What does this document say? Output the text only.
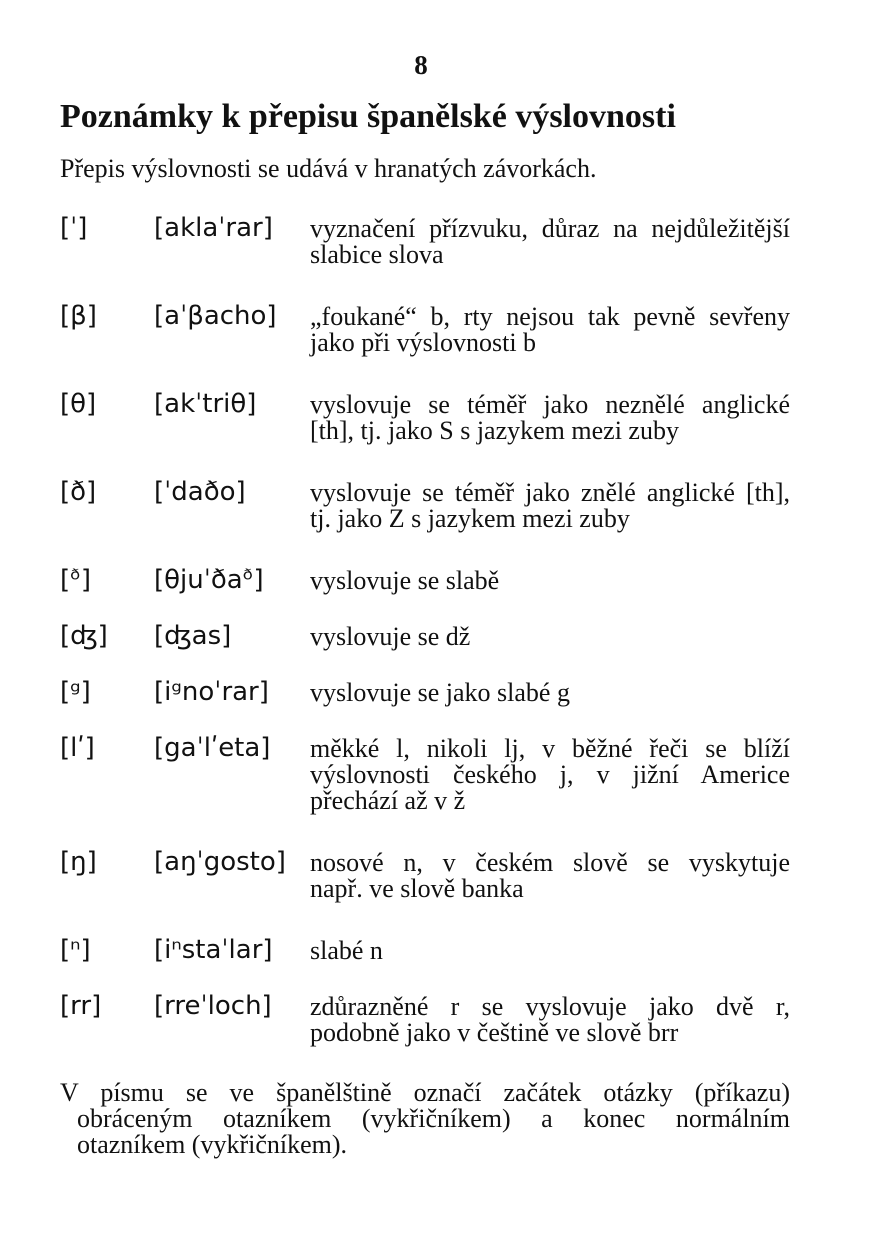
8
Poznámky k přepisu španělské výslovnosti

Přepis výslovnosti se udává v hranatých závorkách.

[ˈ]	[aklaˈrar] vyznačení přízvuku, důraz na nejdůležitější
slabice slova
[β] [aˈβacho] „foukané“ b, rty nejsou tak pevně sevřeny
jako při výslovnosti b
[θ] [akˈtriθ] vyslovuje se téměř jako neznělé anglické
[th], tj. jako S s jazykem mezi zuby
[ð] [ˈdaðo] vyslovuje se téměř jako znělé anglické [th],
tj. jako Z s jazykem mezi zuby
[ᶞ] [θjuˈðaᶞ] vyslovuje se slabě
[ʤ] [ʤas]	vyslovuje se dž
[ᵍ] [iᵍnoˈrar] vyslovuje se jako slabé g
[lʹ] [gaˈlʹeta] měkké l, nikoli lj, v běžné řeči se blíží
výslovnosti českého j, v jižní Americe
přechází až v ž
[ŋ] [aŋˈgosto] nosové n, v českém slově se vyskytuje
např. ve slově banka
[ⁿ] [iⁿstaˈlar] slabé n
[rr] [rreˈloch] zdůrazněné r se vyslovuje jako dvě r,
podobně jako v češtině ve slově brr
V písmu se ve španělštině označí začátek otázky (příkazu)
obráceným otazníkem (vykřičníkem) a konec normálním
otazníkem (vykřičníkem).
